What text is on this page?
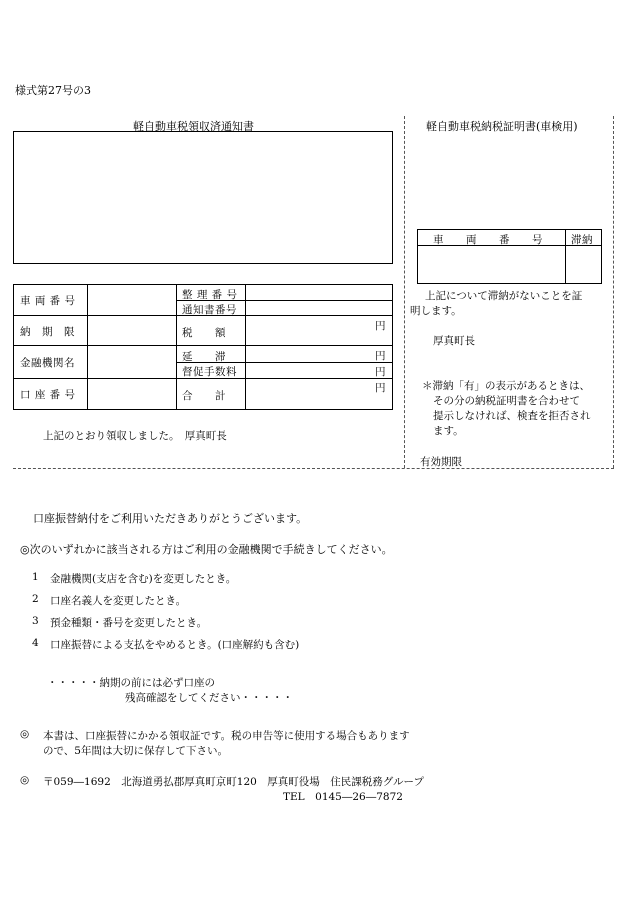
様式第27号の3
軽自動車税領収済通知書
車 両 番 号
納　期　限
金融機関名
口 座 番 号
整 理 番 号
通知書番号
税　　額
延　　滞
督促手数料
合　　計
円
円
円
円
上記のとおり領収しました。　厚真町長
軽自動車税納税証明書(車検用)
車　　両　　番　　号	滞納
上記について滞納がないことを証
明します。
厚真町長
＊滞納「有」の表示があるときは、
その分の納税証明書を合わせて
提示しなければ、検査を拒否され
ます。
有効期限
口座振替納付をご利用いただきありがとうございます。
◎次のいずれかに該当される方はご利用の金融機関で手続きしてください。
1 金融機関(支店を含む)を変更したとき。
2 口座名義人を変更したとき。
3 預金種類・番号を変更したとき。
4 口座振替による支払をやめるとき。(口座解約も含む)
・・・・・納期の前には必ず口座の
残高確認をしてください・・・・・
◎ 本書は、口座振替にかかる領収証です。税の申告等に使用する場合もあります
ので、5年間は大切に保存して下さい。
◎ 〒059―1692　北海道勇払郡厚真町京町120　厚真町役場　住民課税務グループ
TEL　0145―26―7872
